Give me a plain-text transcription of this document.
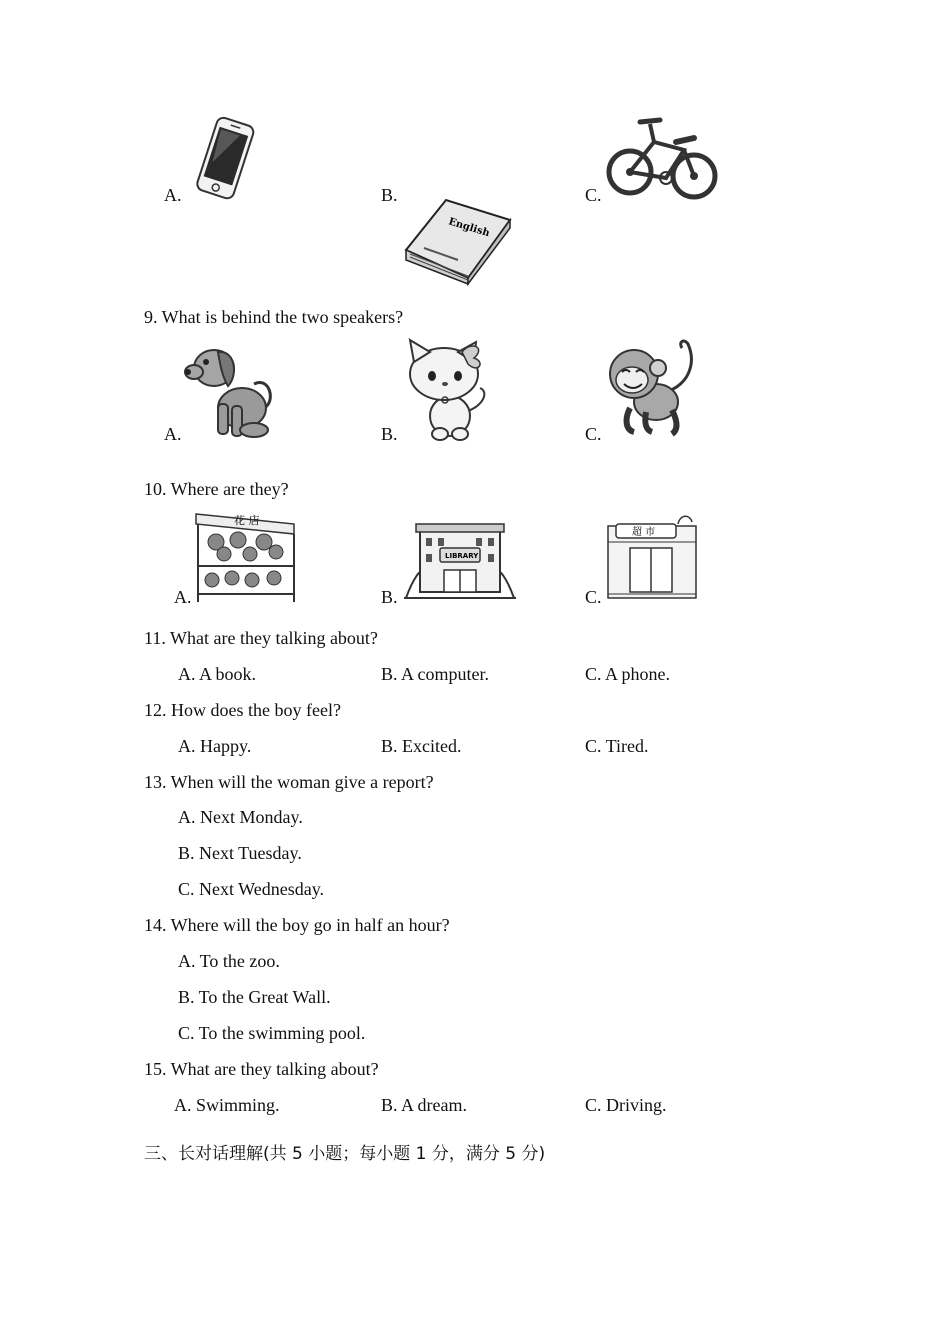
A.	B.
English
C.
9. What is behind the two speakers?
A.	B.	C.
10. Where are they?
A.
花 店
B.
LIBRARY
C.
超 市
11. What are they talking about?
A. A book.	B. A computer.	C. A phone.
12. How does the boy feel?
A. Happy.	B. Excited.	C. Tired.
13. When will the woman give a report?
A. Next Monday.
B. Next Tuesday.
C. Next Wednesday.
14. Where will the boy go in half an hour?
A. To the zoo.
B. To the Great Wall.
C. To the swimming pool.
15. What are they talking about?
A. Swimming.	B. A dream.	C. Driving.
三、长对话理解(共 5 小题；每小题 1 分，满分 5 分)
